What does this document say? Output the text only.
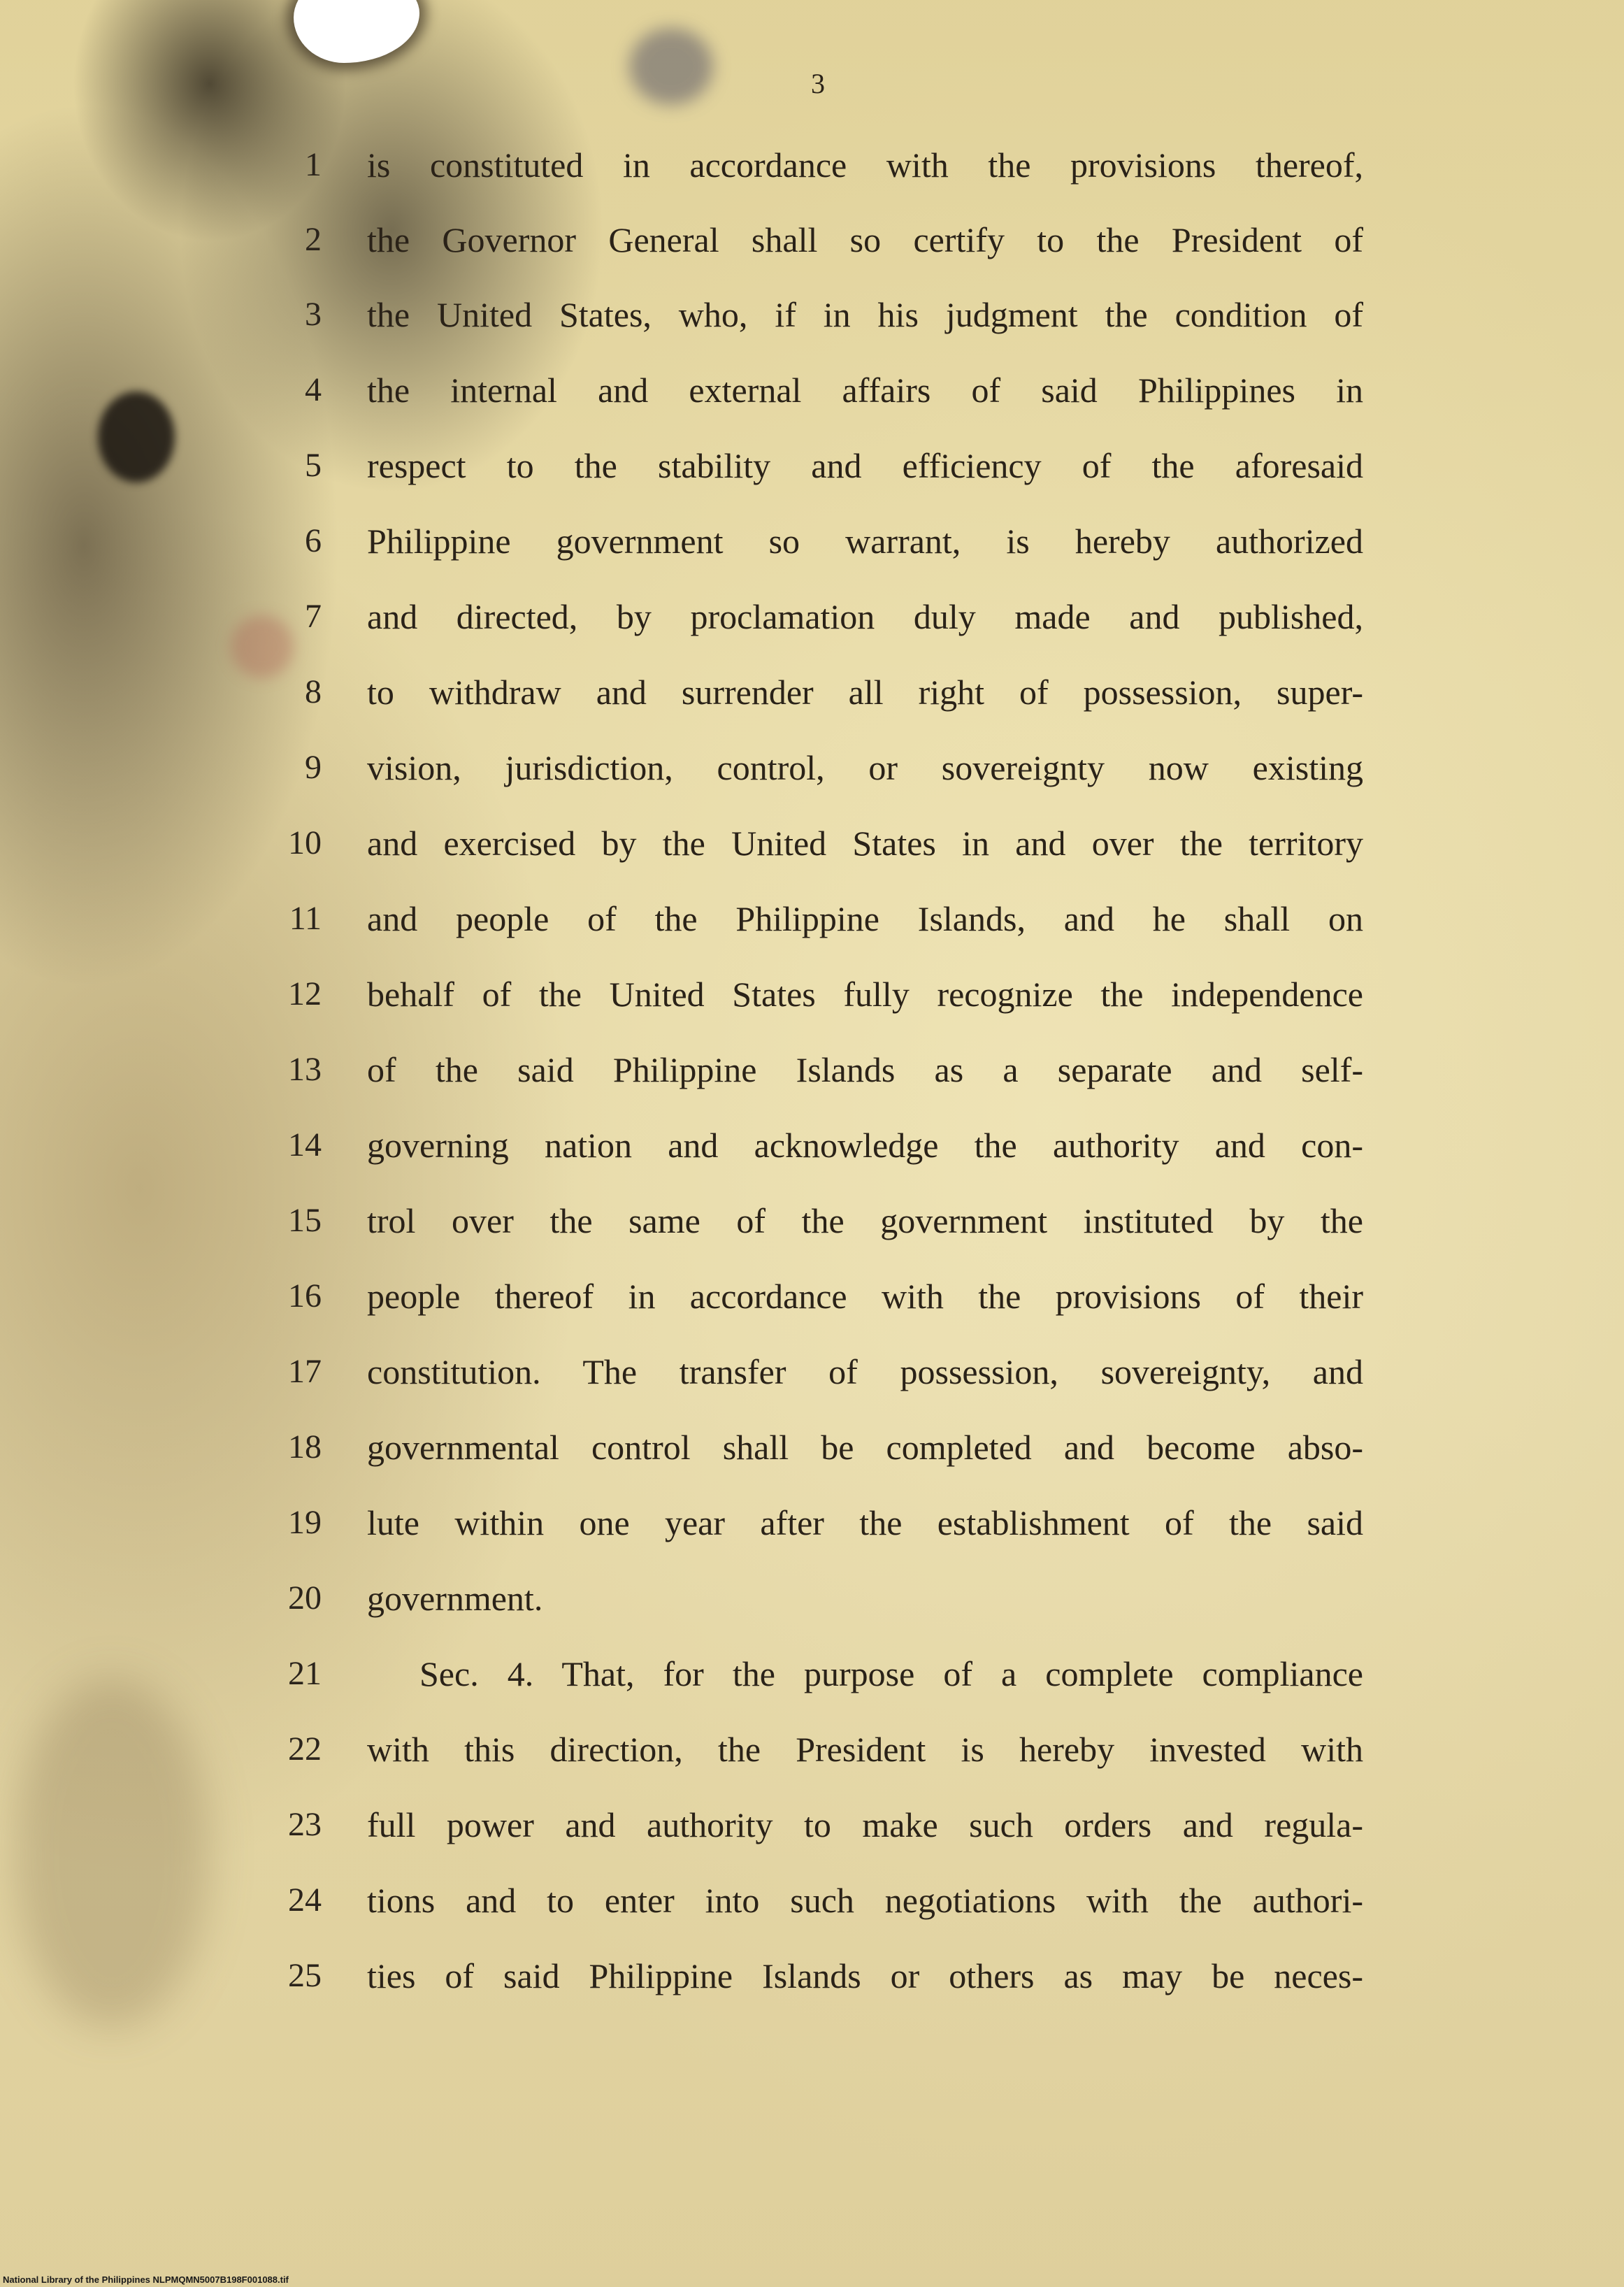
3

1 is constituted in accordance with the provisions thereof,
2 the Governor General shall so certify to the President of
3 the United States, who, if in his judgment the condition of
4 the internal and external affairs of said Philippines in
5 respect to the stability and efficiency of the aforesaid
6 Philippine government so warrant, is hereby authorized
7 and directed, by proclamation duly made and published,
8 to withdraw and surrender all right of possession, super-
9 vision, jurisdiction, control, or sovereignty now existing
10 and exercised by the United States in and over the territory
11 and people of the Philippine Islands, and he shall on
12 behalf of the United States fully recognize the independence
13 of the said Philippine Islands as a separate and self-
14 governing nation and acknowledge the authority and con-
15 trol over the same of the government instituted by the
16 people thereof in accordance with the provisions of their
17 constitution. The transfer of possession, sovereignty, and
18 governmental control shall be completed and become abso-
19 lute within one year after the establishment of the said
20 government.
21	Sec. 4. That, for the purpose of a complete compliance
22 with this direction, the President is hereby invested with
23 full power and authority to make such orders and regula-
24 tions and to enter into such negotiations with the authori-
25 ties of said Philippine Islands or others as may be neces-

National Library of the Philippines NLPMQMN5007B198F001088.tif
